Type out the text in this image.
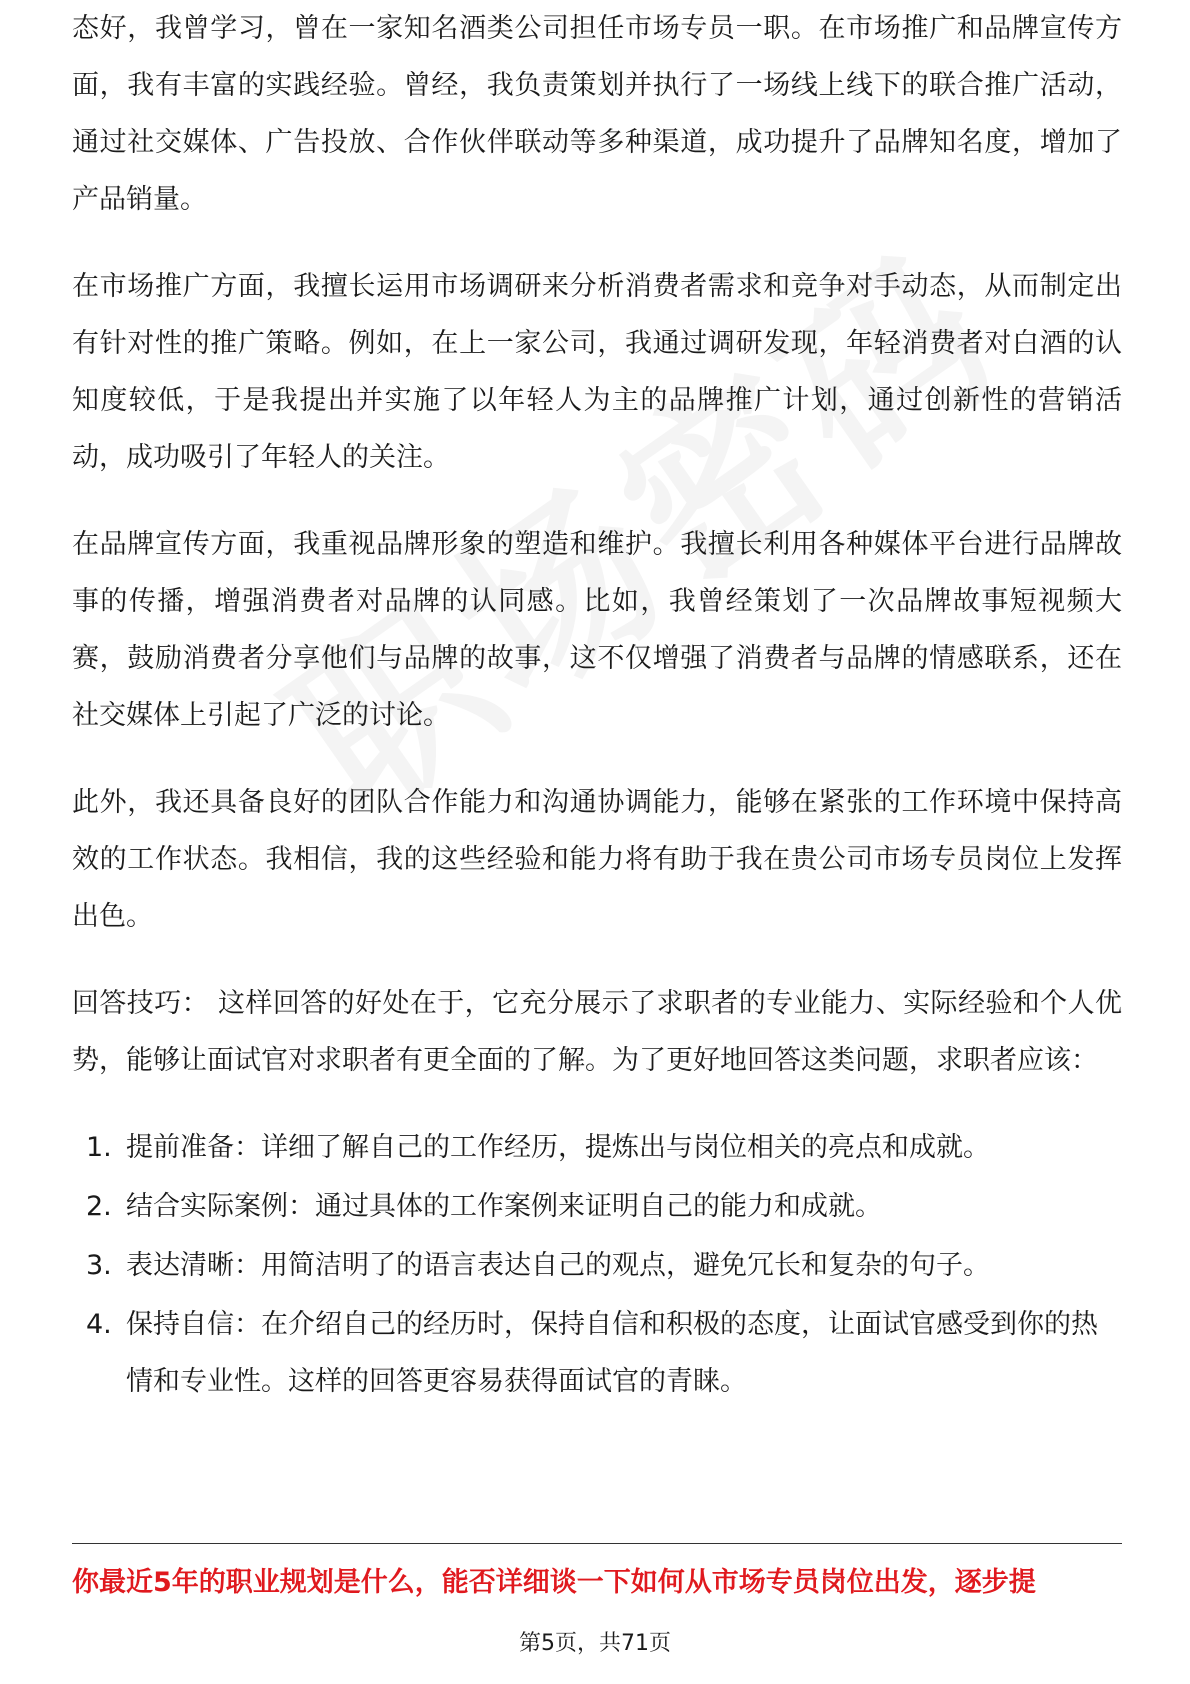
态好，我曾学习，曾在一家知名酒类公司担任市场专员一职。在市场推广和品牌宣传方面，我有丰富的实践经验。曾经，我负责策划并执行了一场线上线下的联合推广活动，通过社交媒体、广告投放、合作伙伴联动等多种渠道，成功提升了品牌知名度，增加了产品销量。

在市场推广方面，我擅长运用市场调研来分析消费者需求和竞争对手动态，从而制定出有针对性的推广策略。例如，在上一家公司，我通过调研发现，年轻消费者对白酒的认知度较低，于是我提出并实施了以年轻人为主的品牌推广计划，通过创新性的营销活动，成功吸引了年轻人的关注。

在品牌宣传方面，我重视品牌形象的塑造和维护。我擅长利用各种媒体平台进行品牌故事的传播，增强消费者对品牌的认同感。比如，我曾经策划了一次品牌故事短视频大赛，鼓励消费者分享他们与品牌的故事，这不仅增强了消费者与品牌的情感联系，还在社交媒体上引起了广泛的讨论。

此外，我还具备良好的团队合作能力和沟通协调能力，能够在紧张的工作环境中保持高效的工作状态。我相信，我的这些经验和能力将有助于我在贵公司市场专员岗位上发挥出色。

回答技巧： 这样回答的好处在于，它充分展示了求职者的专业能力、实际经验和个人优势，能够让面试官对求职者有更全面的了解。为了更好地回答这类问题，求职者应该：

1. 提前准备：详细了解自己的工作经历，提炼出与岗位相关的亮点和成就。
2. 结合实际案例：通过具体的工作案例来证明自己的能力和成就。
3. 表达清晰：用简洁明了的语言表达自己的观点，避免冗长和复杂的句子。
4. 保持自信：在介绍自己的经历时，保持自信和积极的态度，让面试官感受到你的热情和专业性。这样的回答更容易获得面试官的青睐。
你最近5年的职业规划是什么，能否详细谈一下如何从市场专员岗位出发，逐步提
第5页，共71页
